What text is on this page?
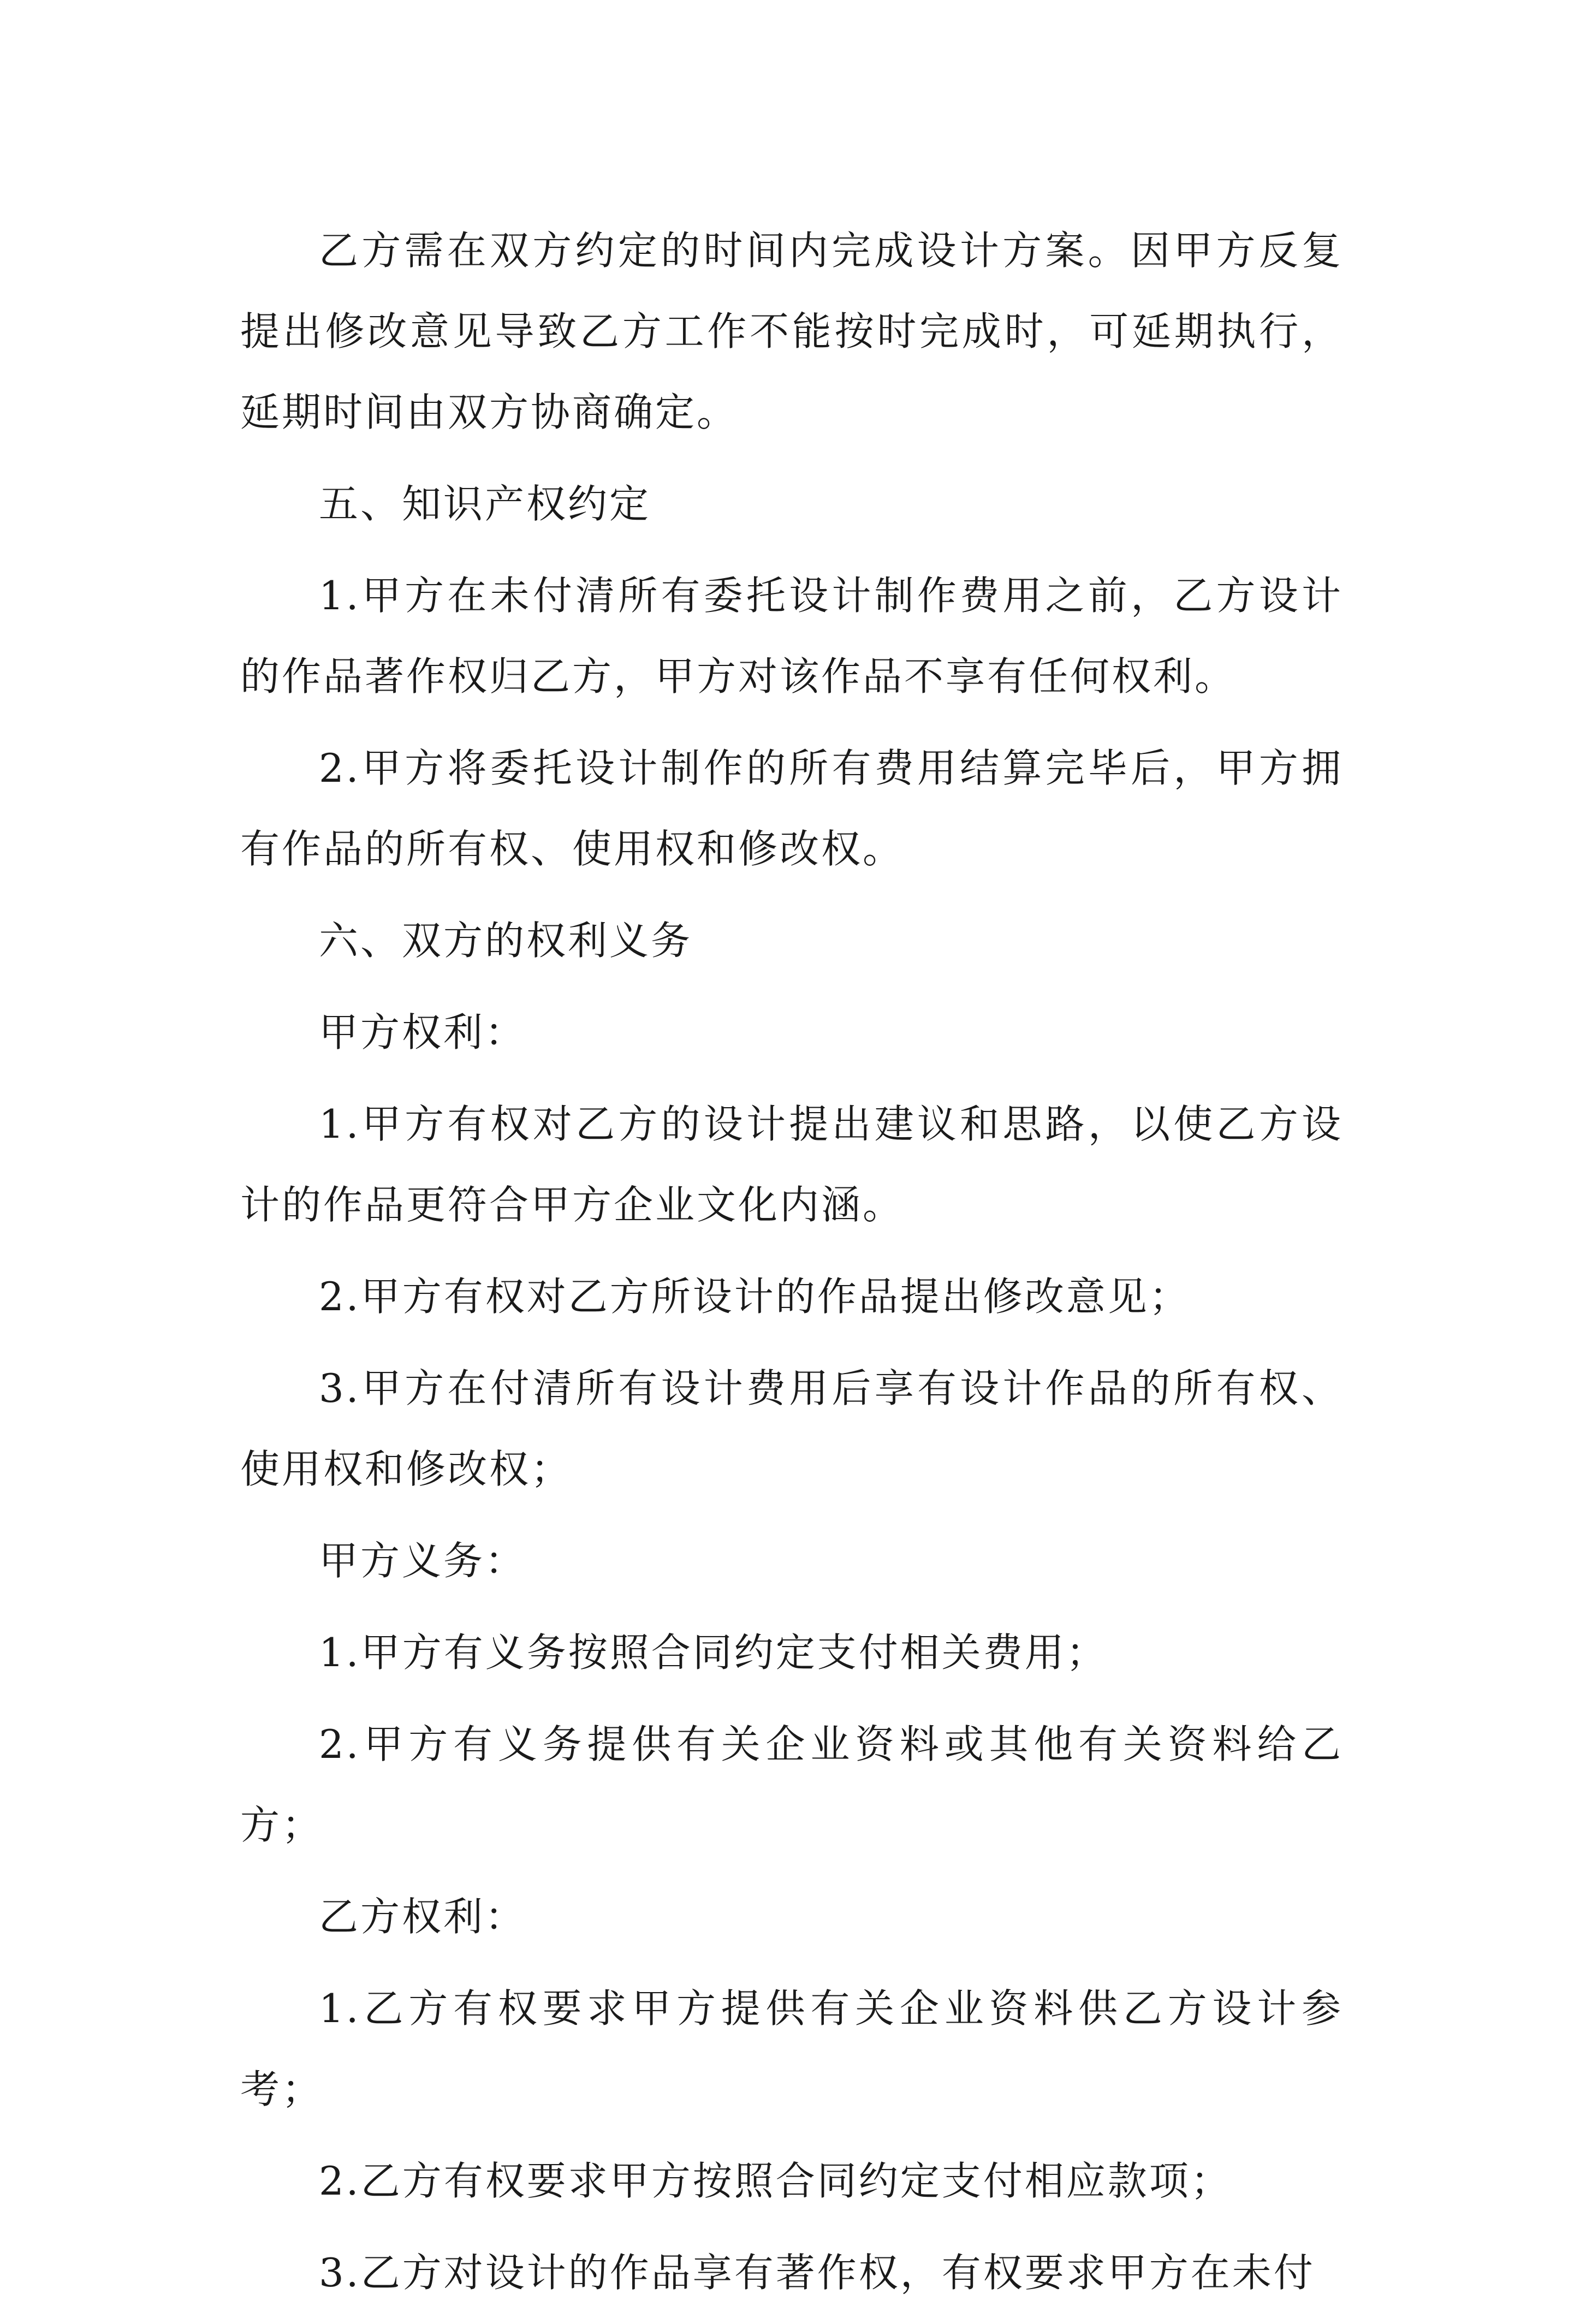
乙方需在双方约定的时间内完成设计方案。因甲方反复提出修改意见导致乙方工作不能按时完成时，可延期执行，延期时间由双方协商确定。

五、知识产权约定

1.甲方在未付清所有委托设计制作费用之前，乙方设计的作品著作权归乙方，甲方对该作品不享有任何权利。

2.甲方将委托设计制作的所有费用结算完毕后，甲方拥有作品的所有权、使用权和修改权。

六、双方的权利义务

甲方权利：

1.甲方有权对乙方的设计提出建议和思路，以使乙方设计的作品更符合甲方企业文化内涵。

2.甲方有权对乙方所设计的作品提出修改意见；

3.甲方在付清所有设计费用后享有设计作品的所有权、使用权和修改权；

甲方义务：

1.甲方有义务按照合同约定支付相关费用；

2.甲方有义务提供有关企业资料或其他有关资料给乙方；

乙方权利：

1.乙方有权要求甲方提供有关企业资料供乙方设计参考；

2.乙方有权要求甲方按照合同约定支付相应款项；

3.乙方对设计的作品享有著作权，有权要求甲方在未付
